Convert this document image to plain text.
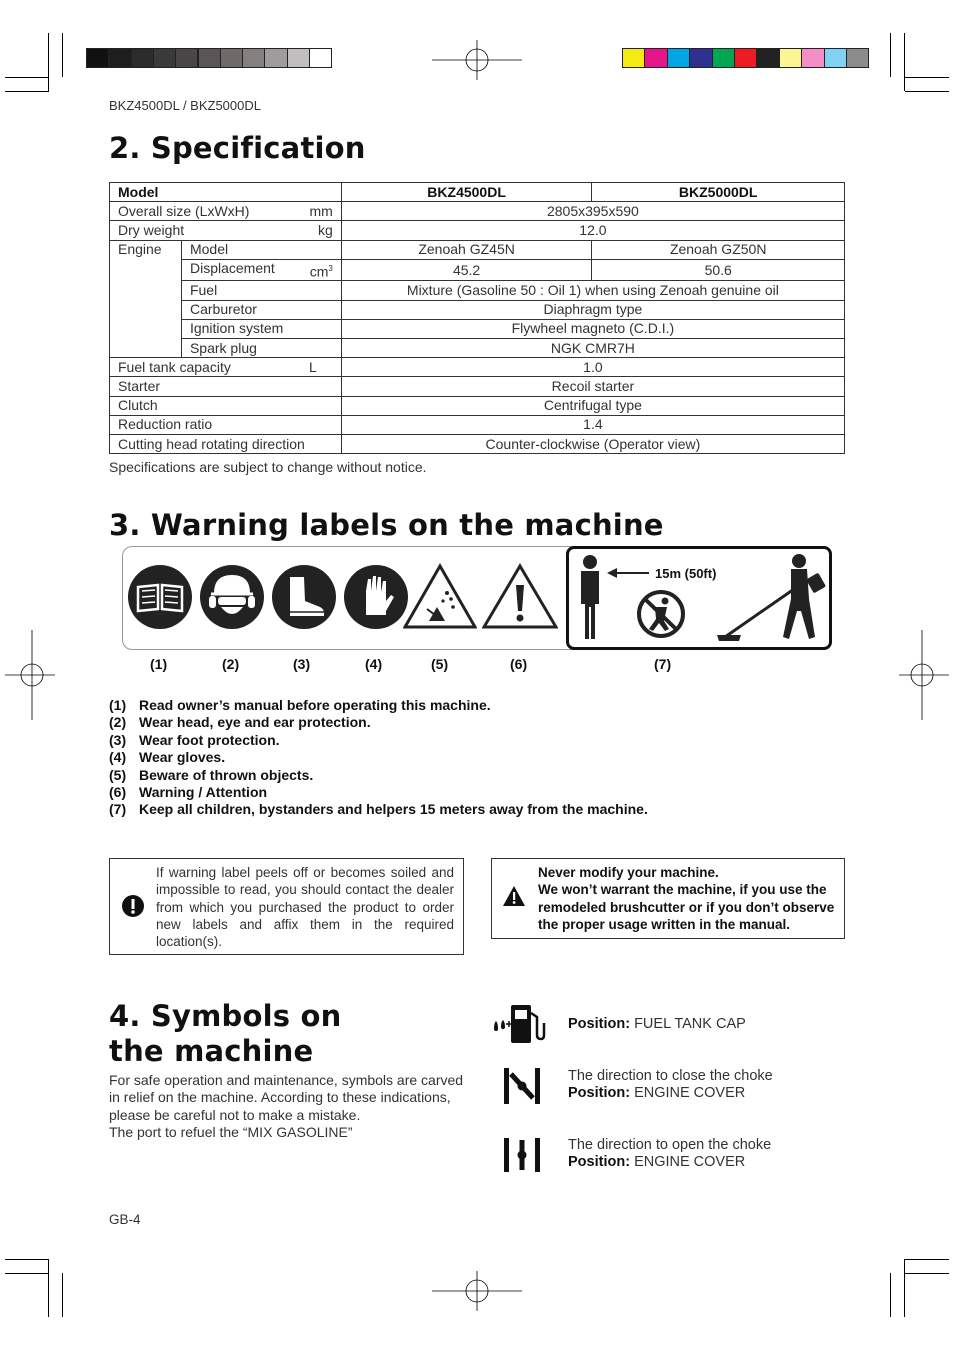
BKZ4500DL / BKZ5000DL
2. Specification
Model		BKZ4500DL	BKZ5000DL
Overall size (LxWxH) mm		2805x395x590	
Dry weight kg		12.0	
Engine	Model	Zenoah GZ45N	Zenoah GZ50N
	Displacement $cm^3$	45.2	50.6
	Fuel	Mixture (Gasoline 50 : Oil 1) when using Zenoah genuine oil	
	Carburetor	Diaphragm type	
	Ignition system	Flywheel magneto (C.D.I.)	
	Spark plug	NGK CMR7H	
Fuel tank capacity L		1.0	
Starter		Recoil starter	
Clutch		Centrifugal type	
Reduction ratio		1.4	
Cutting head rotating direction		Counter-clockwise (Operator view)	
Specifications are subject to change without notice.
3. Warning labels on the machine
15m (50ft)
(1)	(2)	(3)	(4)	(5)	(6)	(7)
(1) Read owner’s manual before operating this machine.
(2) Wear head, eye and ear protection.
(3) Wear foot protection.
(4) Wear gloves.
(5) Beware of thrown objects.
(6) Warning / Attention
(7) Keep all children, bystanders and helpers 15 meters away from the machine.
If warning label peels off or becomes soiled and impossible to read, you should contact the dealer from which you purchased the product to order new labels and affix them in the required location(s).
Never modify your machine.
We won’t warrant the machine, if you use the remodeled brushcutter or if you don’t observe the proper usage written in the manual.
4. Symbols on
the machine
For safe operation and maintenance, symbols are carved in relief on the machine. According to these indications, please be careful not to make a mistake.
The port to refuel the “MIX GASOLINE”
Position: FUEL TANK CAP
The direction to close the choke
Position: ENGINE COVER
The direction to open the choke
Position: ENGINE COVER
GB-4
